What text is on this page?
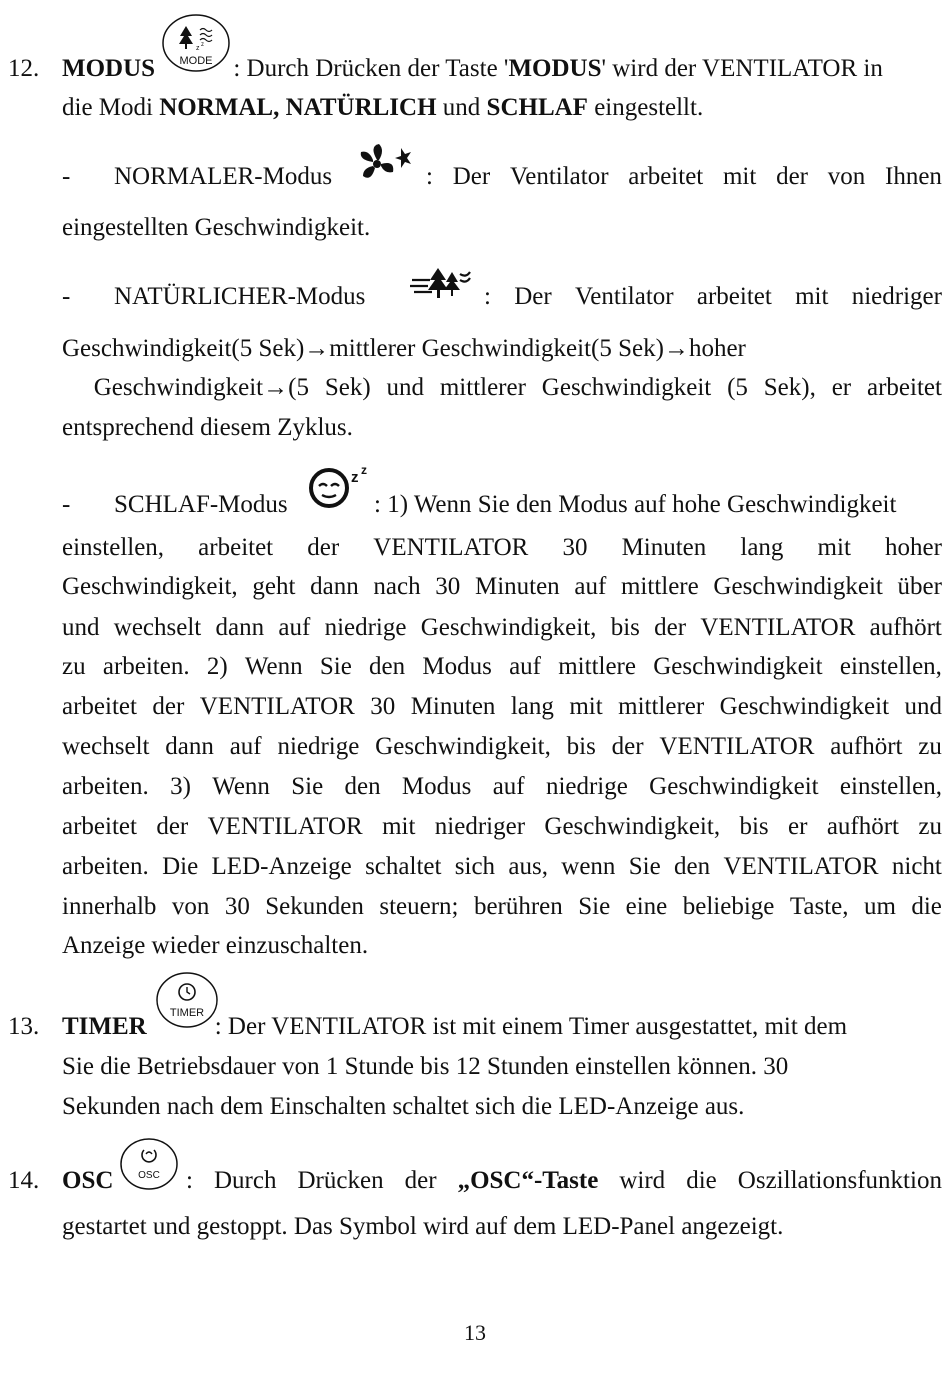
12. MODUS	: Durch Drücken der Taste 'MODUS' wird der VENTILATOR in
z z
MODE
die Modi NORMAL, NATÜRLICH und SCHLAF eingestellt.
- NORMALER-Modus	: Der Ventilator arbeitet mit der von Ihnen
eingestellten Geschwindigkeit.
- NATÜRLICHER-Modus	: Der Ventilator arbeitet mit niedriger
Geschwindigkeit(5 Sek)→mittlerer Geschwindigkeit(5 Sek)→hoher
Geschwindigkeit→(5 Sek) und mittlerer Geschwindigkeit (5 Sek), er arbeitet
entsprechend diesem Zyklus.
- SCHLAF-Modus	: 1) Wenn Sie den Modus auf hohe Geschwindigkeit
z z
einstellen, arbeitet der VENTILATOR 30 Minuten lang mit hoher
Geschwindigkeit, geht dann nach 30 Minuten auf mittlere Geschwindigkeit über
und wechselt dann auf niedrige Geschwindigkeit, bis der VENTILATOR aufhört
zu arbeiten. 2) Wenn Sie den Modus auf mittlere Geschwindigkeit einstellen,
arbeitet der VENTILATOR 30 Minuten lang mit mittlerer Geschwindigkeit und
wechselt dann auf niedrige Geschwindigkeit, bis der VENTILATOR aufhört zu
arbeiten. 3) Wenn Sie den Modus auf niedrige Geschwindigkeit einstellen,
arbeitet der VENTILATOR mit niedriger Geschwindigkeit, bis er aufhört zu
arbeiten. Die LED-Anzeige schaltet sich aus, wenn Sie den VENTILATOR nicht
innerhalb von 30 Sekunden steuern; berühren Sie eine beliebige Taste, um die
Anzeige wieder einzuschalten.
13. TIMER	: Der VENTILATOR ist mit einem Timer ausgestattet, mit dem
TIMER
Sie die Betriebsdauer von 1 Stunde bis 12 Stunden einstellen können. 30
Sekunden nach dem Einschalten schaltet sich die LED-Anzeige aus.
14. OSC	: Durch Drücken der „OSC“-Taste wird die Oszillationsfunktion
OSC
gestartet und gestoppt. Das Symbol wird auf dem LED-Panel angezeigt.
13
